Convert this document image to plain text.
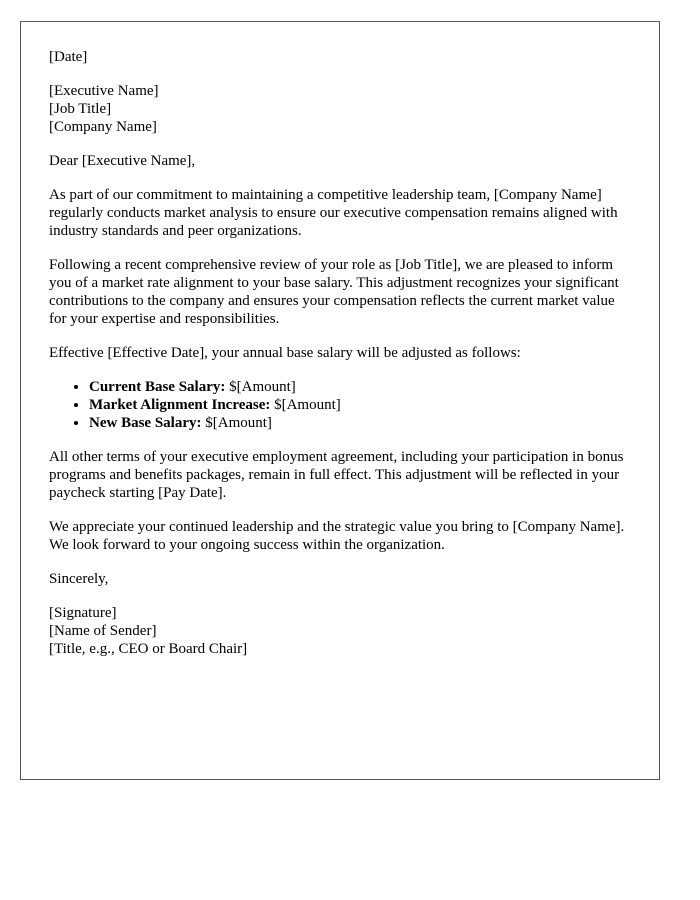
[Date]
[Executive Name]
[Job Title]
[Company Name]

Dear [Executive Name],

As part of our commitment to maintaining a competitive leadership team, [Company Name] regularly conducts market analysis to ensure our executive compensation remains aligned with industry standards and peer organizations.

Following a recent comprehensive review of your role as [Job Title], we are pleased to inform you of a market rate alignment to your base salary. This adjustment recognizes your significant contributions to the company and ensures your compensation reflects the current market value for your expertise and responsibilities.

Effective [Effective Date], your annual base salary will be adjusted as follows:

• Current Base Salary: $[Amount]
• Market Alignment Increase: $[Amount]
• New Base Salary: $[Amount]

All other terms of your executive employment agreement, including your participation in bonus programs and benefits packages, remain in full effect. This adjustment will be reflected in your paycheck starting [Pay Date].

We appreciate your continued leadership and the strategic value you bring to [Company Name]. We look forward to your ongoing success within the organization.

Sincerely,

[Signature]
[Name of Sender]
[Title, e.g., CEO or Board Chair]
